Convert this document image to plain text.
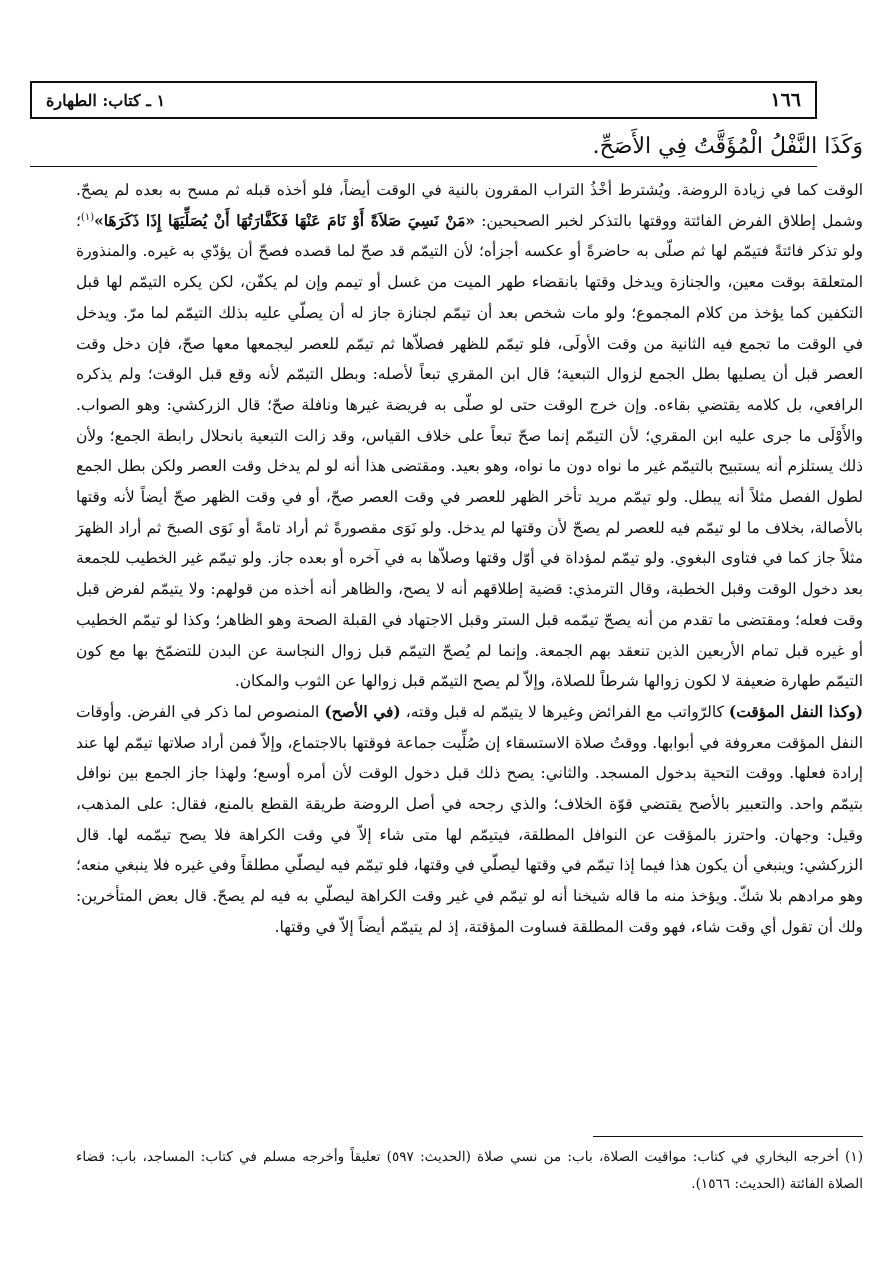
١٦٦
١ ـ كتاب: الطهارة
وَكَذَا النَّفْلُ الْمُؤَقَّتُ فِي الأَصَحِّ.

الوقت كما في زيادة الروضة. ويُشترط أخْذُ التراب المقرون بالنية في الوقت أيضاً، فلو أخذه قبله ثم مسح به بعده لم يصحّ. وشمل إطلاق الفرض الفائتة ووقتها بالتذكر لخبر الصحيحين: «مَنْ نَسِيَ صَلاَةً أَوْ نَامَ عَنْهَا فَكَفَّارَتُهَا أَنْ يُصَلِّيَهَا إِذَا ذَكَرَهَا»$^{(١)}$؛ ولو تذكر فائتةً فتيمّم لها ثم صلّى به حاضرةً أو عكسه أجزأه؛ لأن التيمّم قد صحّ لما قصده فصحّ أن يؤدّي به غيره. والمنذورة المتعلقة بوقت معين، والجنازة ويدخل وقتها بانقضاء طهر الميت من غسل أو تيمم وإن لم يكفّن، لكن يكره التيمّم لها قبل التكفين كما يؤخذ من كلام المجموع؛ ولو مات شخص بعد أن تيمّم لجنازة جاز له أن يصلّي عليه بذلك التيمّم لما مرّ. ويدخل في الوقت ما تجمع فيه الثانية من وقت الأولَى، فلو تيمّم للظهر فصلاّها ثم تيمّم للعصر ليجمعها معها صحّ، فإن دخل وقت العصر قبل أن يصليها بطل الجمع لزوال التبعية؛ قال ابن المقري تبعاً لأصله: وبطل التيمّم لأنه وقع قبل الوقت؛ ولم يذكره الرافعي، بل كلامه يقتضي بقاءه. وإن خرج الوقت حتى لو صلّى به فريضة غيرها ونافلة صحّ؛ قال الزركشي: وهو الصواب. والأَوْلَى ما جرى عليه ابن المقري؛ لأن التيمّم إنما صحّ تبعاً على خلاف القياس، وقد زالت التبعية بانحلال رابطة الجمع؛ ولأن ذلك يستلزم أنه يستبيح بالتيمّم غير ما نواه دون ما نواه، وهو بعيد. ومقتضى هذا أنه لو لم يدخل وقت العصر ولكن بطل الجمع لطول الفصل مثلاً أنه يبطل. ولو تيمّم مريد تأخر الظهر للعصر في وقت العصر صحّ، أو في وقت الظهر صحّ أيضاً لأنه وقتها بالأصالة، بخلاف ما لو تيمّم فيه للعصر لم يصحّ لأن وقتها لم يدخل. ولو نَوَى مقصورةً ثم أراد تامةً أو نَوَى الصبحَ ثم أراد الظهرَ مثلاً جاز كما في فتاوى البغوي. ولو تيمّم لمؤداة في أوّل وقتها وصلاّها به في آخره أو بعده جاز. ولو تيمّم غير الخطيب للجمعة بعد دخول الوقت وقبل الخطبة، وقال الترمذي: قضية إطلاقهم أنه لا يصح، والظاهر أنه أخذه من قولهم: ولا يتيمّم لفرض قبل وقت فعله؛ ومقتضى ما تقدم من أنه يصحّ تيمّمه قبل الستر وقبل الاجتهاد في القبلة الصحة وهو الظاهر؛ وكذا لو تيمّم الخطيب أو غيره قبل تمام الأربعين الذين تنعقد بهم الجمعة. وإنما لم يُصحّ التيمّم قبل زوال النجاسة عن البدن للتضمّخ بها مع كون التيمّم طهارة ضعيفة لا لكون زوالها شرطاً للصلاة، وإلاّ لم يصح التيمّم قبل زوالها عن الثوب والمكان.

(وكذا النفل المؤقت) كالرّواتب مع الفرائض وغيرها لا يتيمّم له قبل وقته، (في الأصح) المنصوص لما ذكر في الفرض. وأوقات النفل المؤقت معروفة في أبوابها. ووقتُ صلاة الاستسقاء إن صُلِّيت جماعة فوقتها بالاجتماع، وإلاّ فمن أراد صلاتها تيمّم لها عند إرادة فعلها. ووقت التحية بدخول المسجد. والثاني: يصح ذلك قبل دخول الوقت لأن أمره أوسع؛ ولهذا جاز الجمع بين نوافل بتيمّم واحد. والتعبير بالأصح يقتضي قوّة الخلاف؛ والذي رجحه في أصل الروضة طريقة القطع بالمنع، فقال: على المذهب، وقيل: وجهان. واحترز بالمؤقت عن النوافل المطلقة، فيتيمّم لها متى شاء إلاّ في وقت الكراهة فلا يصح تيمّمه لها. قال الزركشي: وينبغي أن يكون هذا فيما إذا تيمّم في وقتها ليصلّي في وقتها، فلو تيمّم فيه ليصلّي مطلقاً وفي غيره فلا ينبغي منعه؛ وهو مرادهم بلا شكّ. ويؤخذ منه ما قاله شيخنا أنه لو تيمّم في غير وقت الكراهة ليصلّي به فيه لم يصحّ. قال بعض المتأخرين: ولك أن تقول أي وقت شاء، فهو وقت المطلقة فساوت المؤقتة، إذ لم يتيمّم أيضاً إلاّ في وقتها.

(١) أخرجه البخاري في كتاب: مواقيت الصلاة، باب: من نسي صلاة (الحديث: ٥٩٧) تعليقاً وأخرجه مسلم في كتاب: المساجد، باب: قضاء الصلاة الفائتة (الحديث: ١٥٦٦).
